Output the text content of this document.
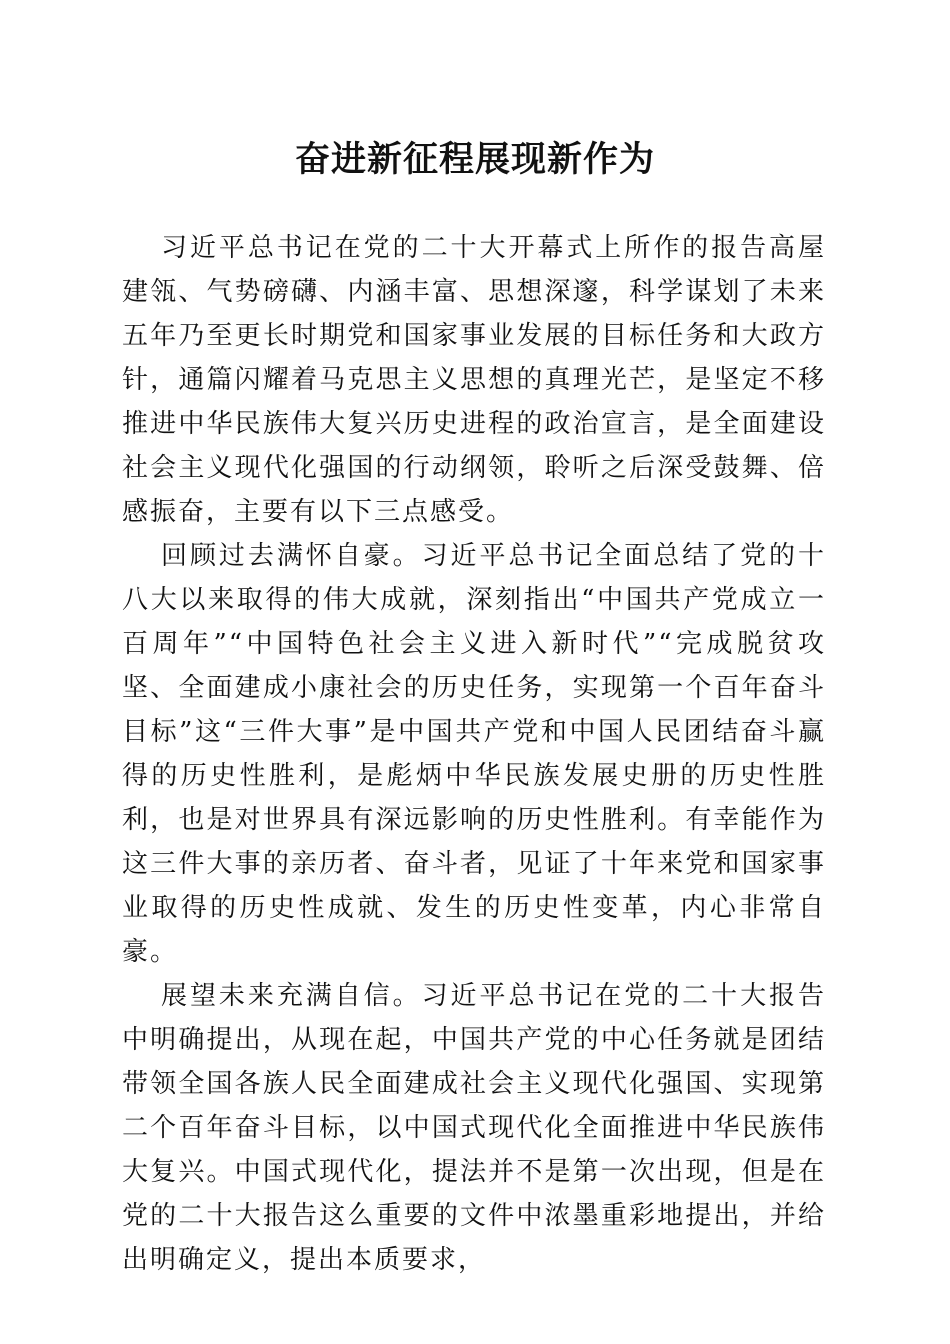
奋进新征程展现新作为

习近平总书记在党的二十大开幕式上所作的报告高屋建瓴、气势磅礴、内涵丰富、思想深邃，科学谋划了未来五年乃至更长时期党和国家事业发展的目标任务和大政方针，通篇闪耀着马克思主义思想的真理光芒，是坚定不移推进中华民族伟大复兴历史进程的政治宣言，是全面建设社会主义现代化强国的行动纲领，聆听之后深受鼓舞、倍感振奋，主要有以下三点感受。

回顾过去满怀自豪。习近平总书记全面总结了党的十八大以来取得的伟大成就，深刻指出“中国共产党成立一百周年”“中国特色社会主义进入新时代”“完成脱贫攻坚、全面建成小康社会的历史任务，实现第一个百年奋斗目标”这“三件大事”是中国共产党和中国人民团结奋斗赢得的历史性胜利，是彪炳中华民族发展史册的历史性胜利，也是对世界具有深远影响的历史性胜利。有幸能作为这三件大事的亲历者、奋斗者，见证了十年来党和国家事业取得的历史性成就、发生的历史性变革，内心非常自豪。

展望未来充满自信。习近平总书记在党的二十大报告中明确提出，从现在起，中国共产党的中心任务就是团结带领全国各族人民全面建成社会主义现代化强国、实现第二个百年奋斗目标，以中国式现代化全面推进中华民族伟大复兴。中国式现代化，提法并不是第一次出现，但是在党的二十大报告这么重要的文件中浓墨重彩地提出，并给出明确定义，提出本质要求，
